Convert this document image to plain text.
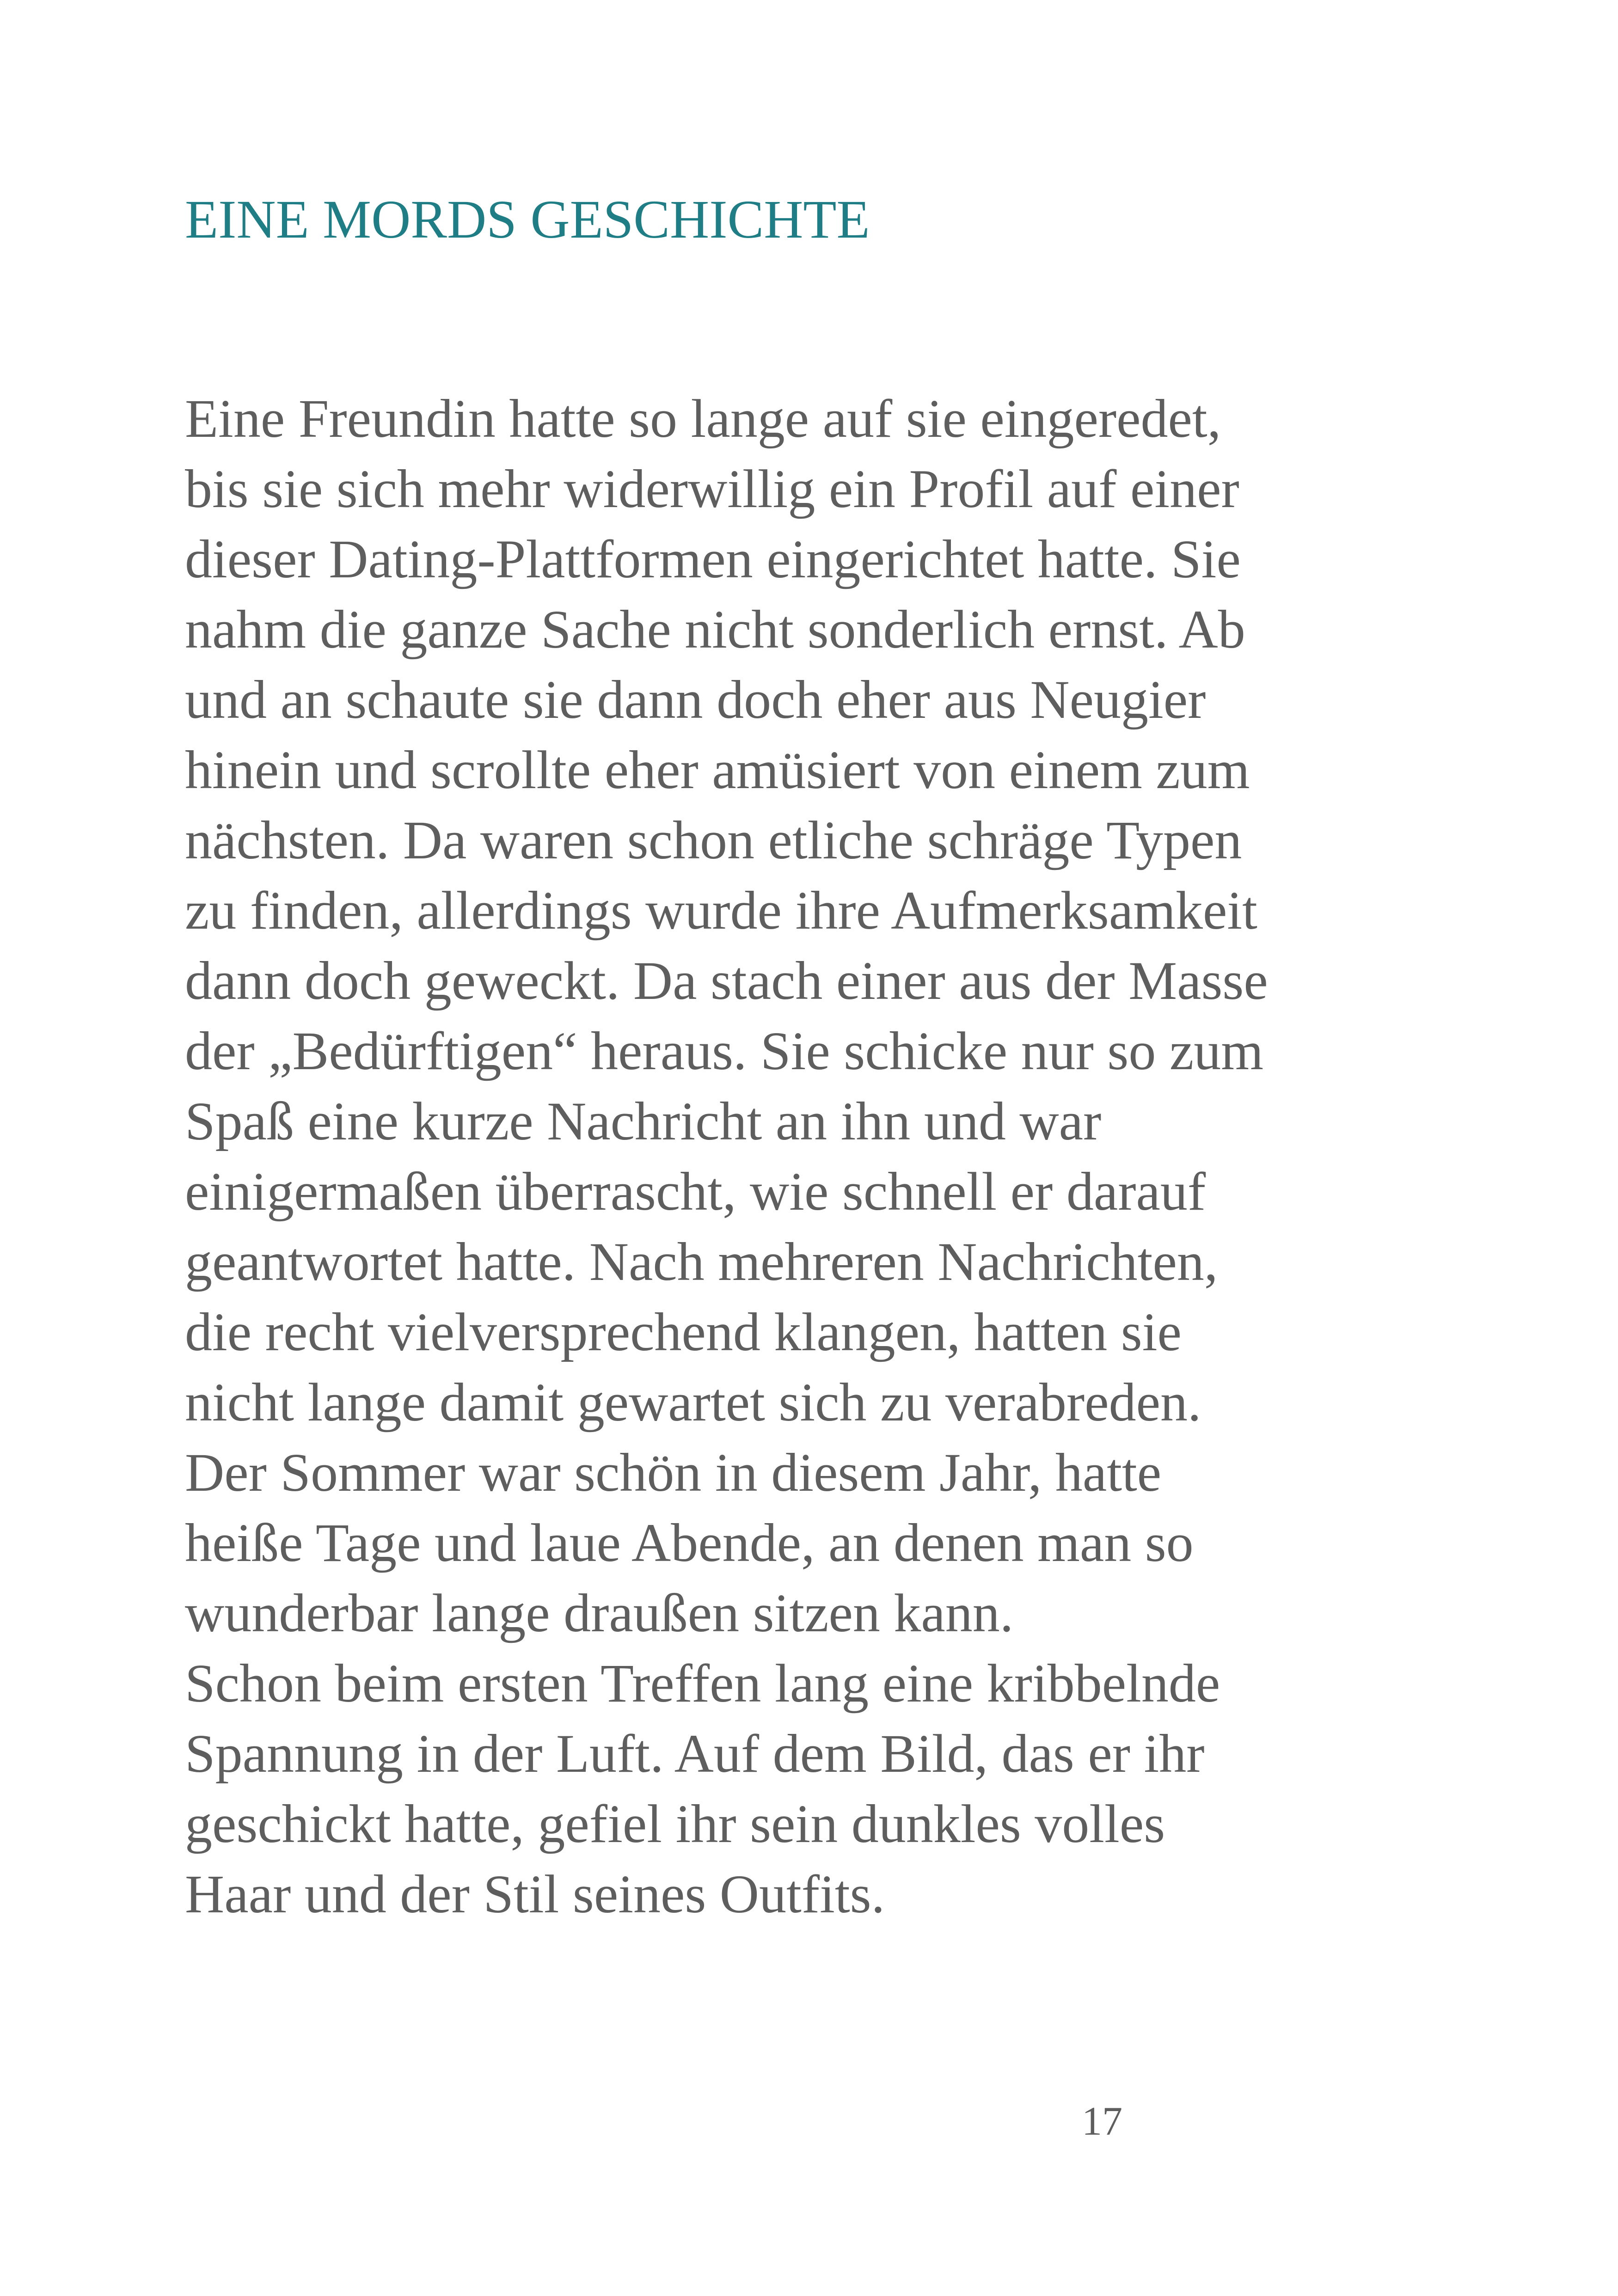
EINE MORDS GESCHICHTE
Eine Freundin hatte so lange auf sie eingeredet,
bis sie sich mehr widerwillig ein Profil auf einer
dieser Dating-Plattformen eingerichtet hatte. Sie
nahm die ganze Sache nicht sonderlich ernst. Ab
und an schaute sie dann doch eher aus Neugier
hinein und scrollte eher amüsiert von einem zum
nächsten. Da waren schon etliche schräge Typen
zu finden, allerdings wurde ihre Aufmerksamkeit
dann doch geweckt. Da stach einer aus der Masse
der „Bedürftigen“ heraus. Sie schicke nur so zum
Spaß eine kurze Nachricht an ihn und war
einigermaßen überrascht, wie schnell er darauf
geantwortet hatte. Nach mehreren Nachrichten,
die recht vielversprechend klangen, hatten sie
nicht lange damit gewartet sich zu verabreden.
Der Sommer war schön in diesem Jahr, hatte
heiße Tage und laue Abende, an denen man so
wunderbar lange draußen sitzen kann.
Schon beim ersten Treffen lang eine kribbelnde
Spannung in der Luft. Auf dem Bild, das er ihr
geschickt hatte, gefiel ihr sein dunkles volles
Haar und der Stil seines Outfits.
17
